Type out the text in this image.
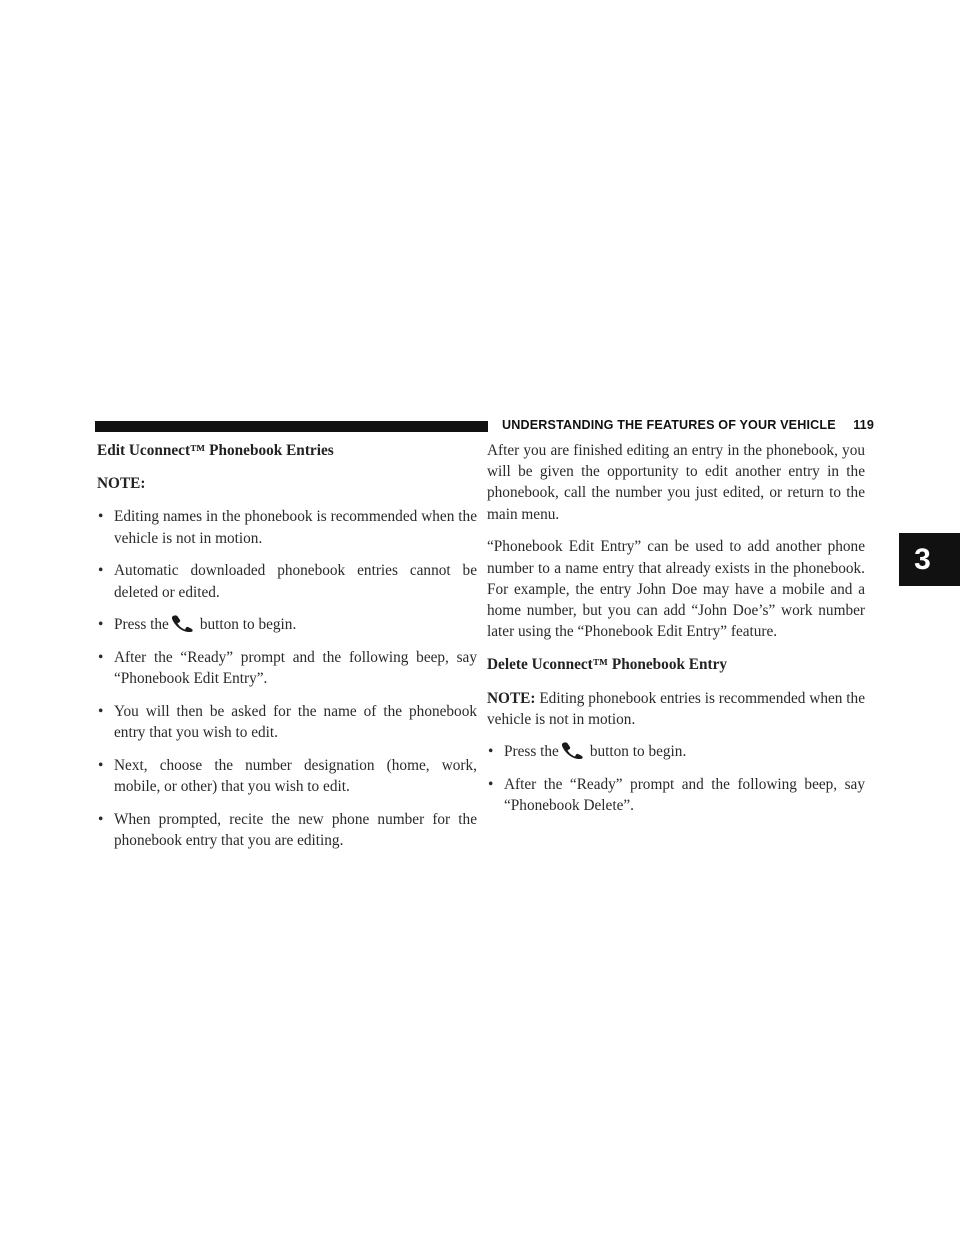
UNDERSTANDING THE FEATURES OF YOUR VEHICLE 119
3
Edit Uconnect™ Phonebook Entries
NOTE:
• Editing names in the phonebook is recommended when the vehicle is not in motion.
• Automatic downloaded phonebook entries cannot be deleted or edited.
• Press the button to begin.
• After the “Ready” prompt and the following beep, say “Phonebook Edit Entry”.
• You will then be asked for the name of the phonebook entry that you wish to edit.
• Next, choose the number designation (home, work, mobile, or other) that you wish to edit.
• When prompted, recite the new phone number for the phonebook entry that you are editing.

After you are finished editing an entry in the phonebook, you will be given the opportunity to edit another entry in the phonebook, call the number you just edited, or return to the main menu.

“Phonebook Edit Entry” can be used to add another phone number to a name entry that already exists in the phonebook. For example, the entry John Doe may have a mobile and a home number, but you can add “John Doe’s” work number later using the “Phonebook Edit Entry” feature.

Delete Uconnect™ Phonebook Entry

NOTE: Editing phonebook entries is recommended when the vehicle is not in motion.

• Press the button to begin.
• After the “Ready” prompt and the following beep, say “Phonebook Delete”.
